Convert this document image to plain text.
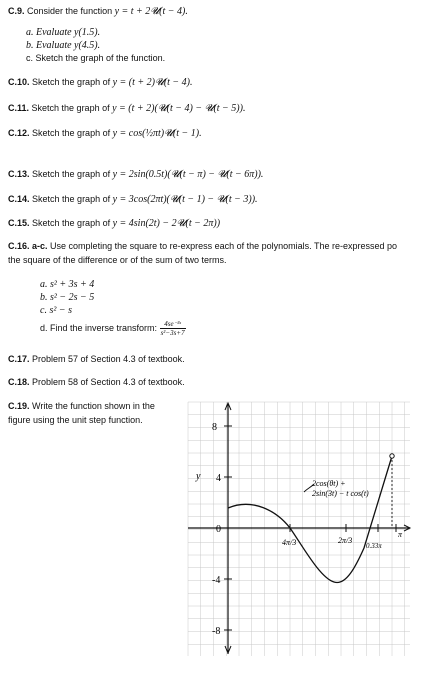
C.9. Consider the function y = t + 2𝓤(t − 4).
a. Evaluate y(1.5).
b. Evaluate y(4.5).
c. Sketch the graph of the function.
C.10. Sketch the graph of y = (t + 2)𝓤(t − 4).
C.11. Sketch the graph of y = (t + 2)(𝓤(t − 4) − 𝓤(t − 5)).
C.12. Sketch the graph of y = cos(½πt)𝓤(t − 1).
C.13. Sketch the graph of y = 2sin(0.5t)(𝓤(t − π) − 𝓤(t − 6π)).
C.14. Sketch the graph of y = 3cos(2πt)(𝓤(t − 1) − 𝓤(t − 3)).
C.15. Sketch the graph of y = 4sin(2t) − 2𝓤(t − 2π))
C.16. a-c. Use completing the square to re-express each of the polynomials. The re-expressed po
the square of the difference or of the sum of two terms.
a. s² + 3s + 4
b. s² − 2s − 5
c. s² − s
d. Find the inverse transform: $\frac{\text{4se⁻³ˢ}}{\text{s²−3s+7}}$
C.17. Problem 57 of Section 4.3 of textbook.
C.18. Problem 58 of Section 4.3 of textbook.
C.19. Write the function shown in the
figure using the unit step function.
8
4
0
-4
-8
y
4π/3	2π/3
0.33π
π
2cos(θt) +
2sin(3t) − t cos(t)
